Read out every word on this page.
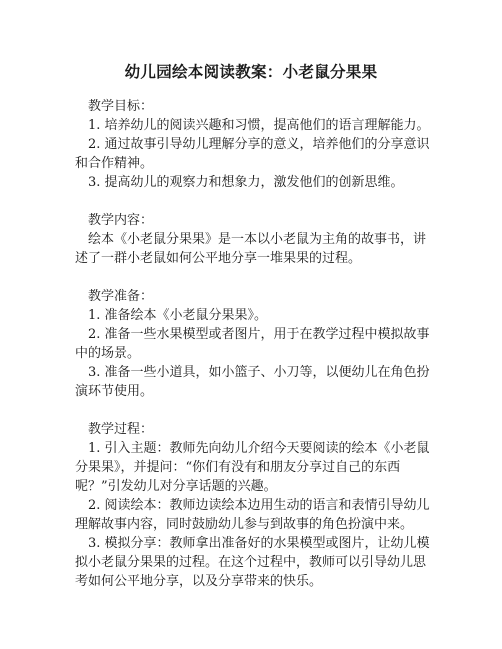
幼儿园绘本阅读教案：小老鼠分果果

教学目标：

1. 培养幼儿的阅读兴趣和习惯，提高他们的语言理解能力。

2. 通过故事引导幼儿理解分享的意义，培养他们的分享意识和合作精神。

3. 提高幼儿的观察力和想象力，激发他们的创新思维。

教学内容：

绘本《小老鼠分果果》是一本以小老鼠为主角的故事书，讲述了一群小老鼠如何公平地分享一堆果果的过程。

教学准备：

1. 准备绘本《小老鼠分果果》。

2. 准备一些水果模型或者图片，用于在教学过程中模拟故事中的场景。

3. 准备一些小道具，如小篮子、小刀等，以便幼儿在角色扮演环节使用。

教学过程：

1. 引入主题：教师先向幼儿介绍今天要阅读的绘本《小老鼠分果果》，并提问：“你们有没有和朋友分享过自己的东西呢？”引发幼儿对分享话题的兴趣。

2. 阅读绘本：教师边读绘本边用生动的语言和表情引导幼儿理解故事内容，同时鼓励幼儿参与到故事的角色扮演中来。

3. 模拟分享：教师拿出准备好的水果模型或图片，让幼儿模拟小老鼠分果果的过程。在这个过程中，教师可以引导幼儿思考如何公平地分享，以及分享带来的快乐。
